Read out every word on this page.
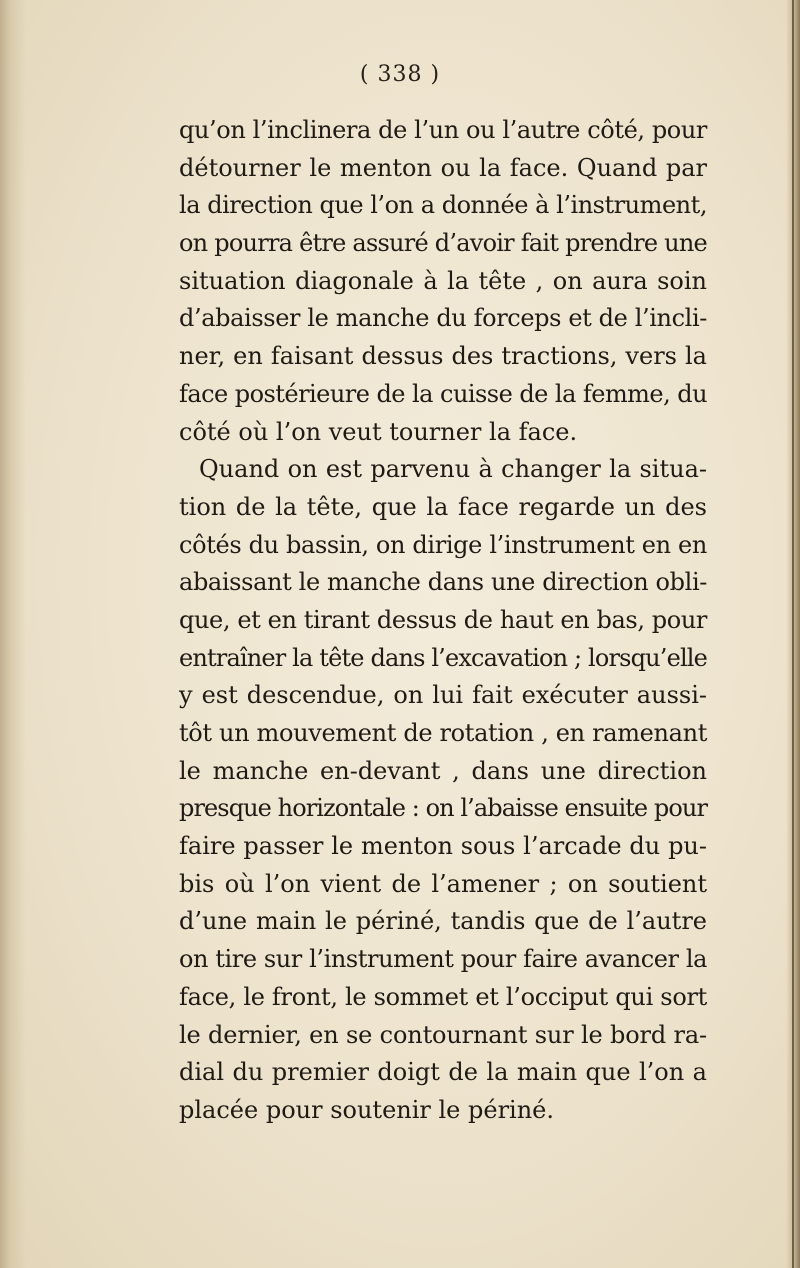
( 338 )
qu’on l’inclinera de l’un ou l’autre côté, pour
détourner le menton ou la face. Quand par
la direction que l’on a donnée à l’instrument,
on pourra être assuré d’avoir fait prendre une
situation diagonale à la tête , on aura soin
d’abaisser le manche du forceps et de l’incli-
ner, en faisant dessus des tractions, vers la
face postérieure de la cuisse de la femme, du
côté où l’on veut tourner la face.
Quand on est parvenu à changer la situa-
tion de la tête, que la face regarde un des
côtés du bassin, on dirige l’instrument en en
abaissant le manche dans une direction obli-
que, et en tirant dessus de haut en bas, pour
entraîner la tête dans l’excavation ; lorsqu’elle
y est descendue, on lui fait exécuter aussi-
tôt un mouvement de rotation , en ramenant
le manche en-devant , dans une direction
presque horizontale : on l’abaisse ensuite pour
faire passer le menton sous l’arcade du pu-
bis où l’on vient de l’amener ; on soutient
d’une main le périné, tandis que de l’autre
on tire sur l’instrument pour faire avancer la
face, le front, le sommet et l’occiput qui sort
le dernier, en se contournant sur le bord ra-
dial du premier doigt de la main que l’on a
placée pour soutenir le périné.
